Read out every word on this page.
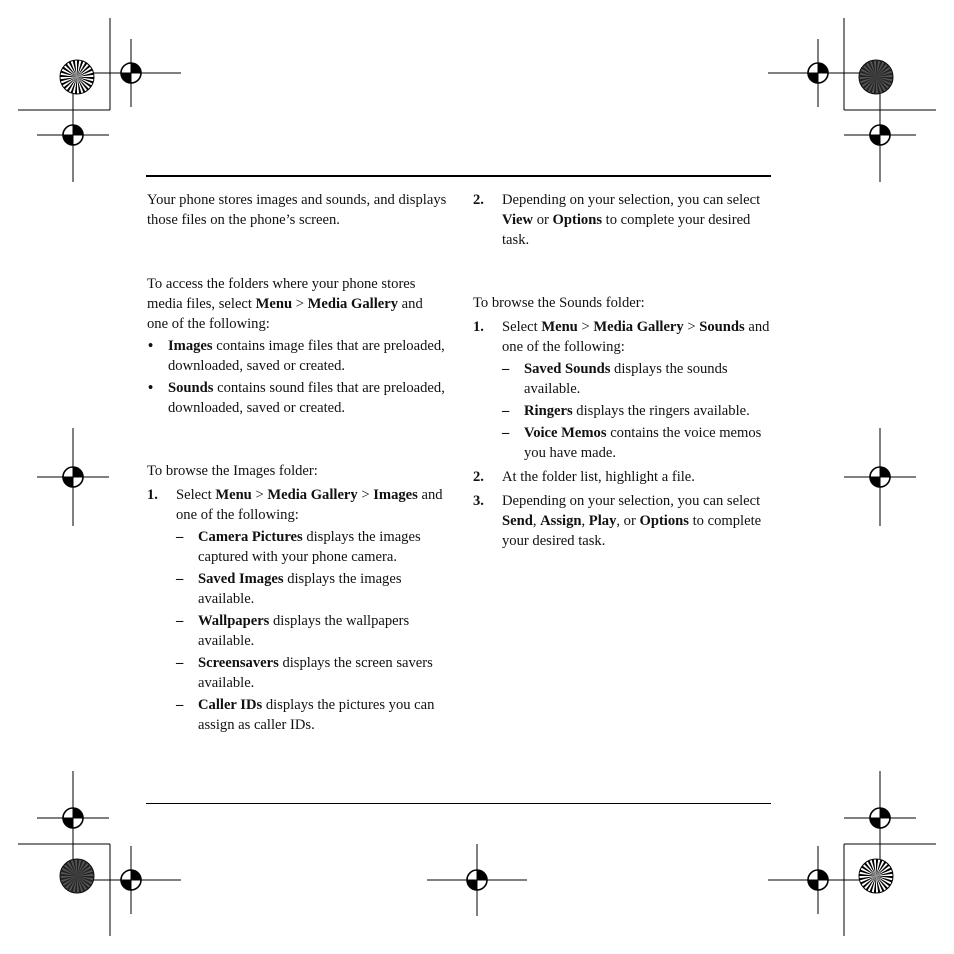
Your phone stores images and sounds, and displays those files on the phone’s screen.

To access the folders where your phone stores media files, select Menu > Media Gallery and one of the following:

• Images contains image files that are preloaded, downloaded, saved or created.
• Sounds contains sound files that are preloaded, downloaded, saved or created.

To browse the Images folder:

1. Select Menu > Media Gallery > Images and one of the following:
– Camera Pictures displays the images captured with your phone camera.
– Saved Images displays the images available.
– Wallpapers displays the wallpapers available.
– Screensavers displays the screen savers available.
– Caller IDs displays the pictures you can assign as caller IDs.
2. Depending on your selection, you can select View or Options to complete your desired task.

To browse the Sounds folder:

1. Select Menu > Media Gallery > Sounds and one of the following:
– Saved Sounds displays the sounds available.
– Ringers displays the ringers available.
– Voice Memos contains the voice memos you have made.
2. At the folder list, highlight a file.
3. Depending on your selection, you can select Send, Assign, Play, or Options to complete your desired task.
